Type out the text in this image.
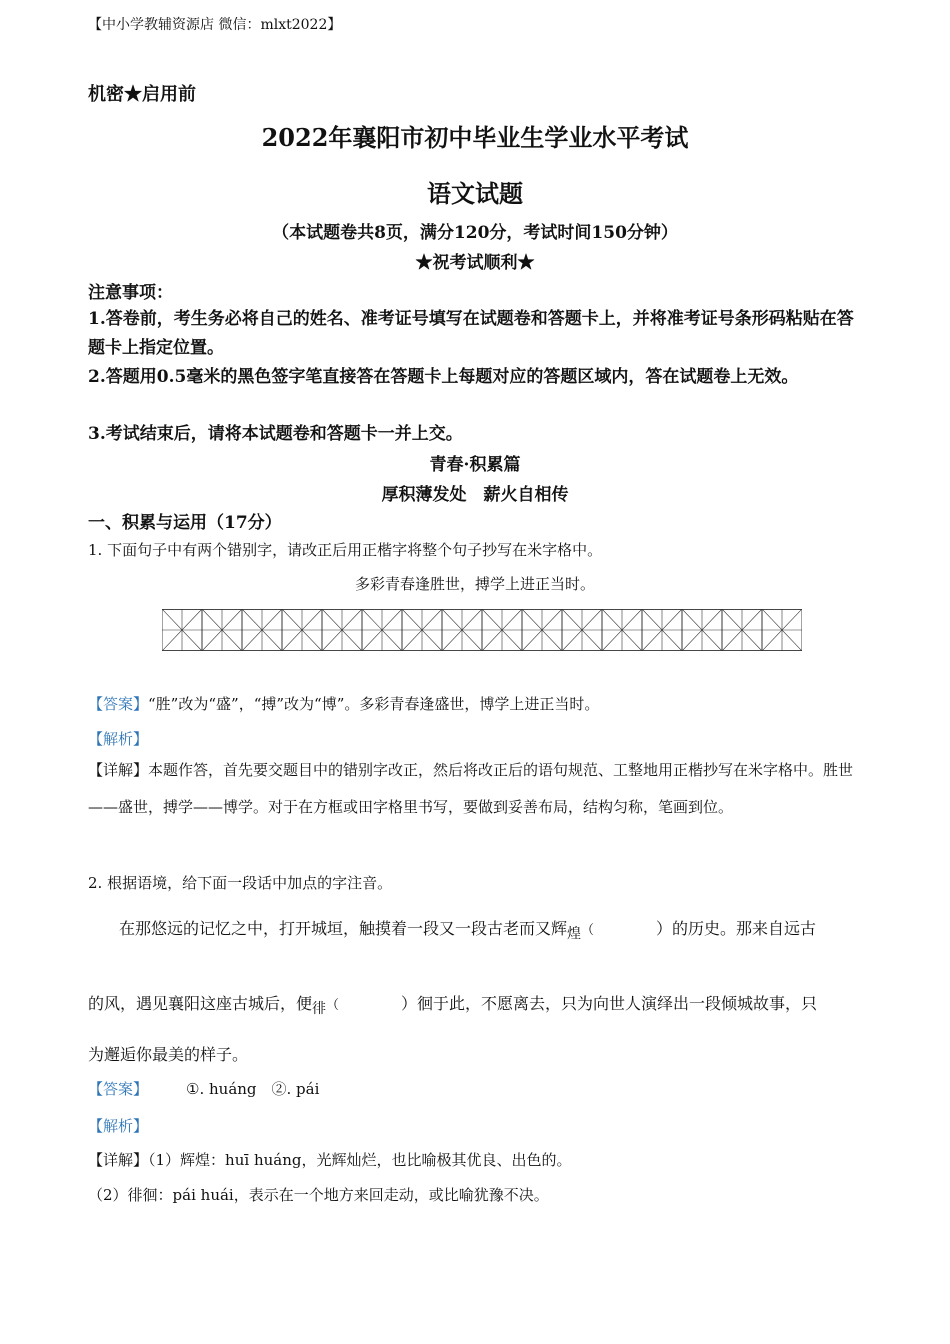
【中小学教辅资源店 微信：mlxt2022】
机密★启用前
2022年襄阳市初中毕业生学业水平考试
语文试题
（本试题卷共8页，满分120分，考试时间150分钟）
★祝考试顺利★
注意事项：
1.答卷前，考生务必将自己的姓名、准考证号填写在试题卷和答题卡上，并将准考证号条形码粘贴在答题卡上指定位置。
2.答题用0.5毫米的黑色签字笔直接答在答题卡上每题对应的答题区域内，答在试题卷上无效。
3.考试结束后，请将本试题卷和答题卡一并上交。
青春·积累篇
厚积薄发处　薪火自相传
一、积累与运用（17分）
1. 下面句子中有两个错别字，请改正后用正楷字将整个句子抄写在米字格中。
多彩青春逢胜世，搏学上进正当时。
【答案】“胜”改为“盛”，“搏”改为“博”。多彩青春逢盛世，博学上进正当时。
【解析】
【详解】本题作答，首先要交题目中的错别字改正，然后将改正后的语句规范、工整地用正楷抄写在米字格中。胜世——盛世，搏学——博学。对于在方框或田字格里书写，要做到妥善布局，结构匀称，笔画到位。
2. 根据语境，给下面一段话中加点的字注音。
在那悠远的记忆之中，打开城垣，触摸着一段又一段古老而又辉煌（	）的历史。那来自远古
的风，遇见襄阳这座古城后，便徘（	）徊于此，不愿离去，只为向世人演绎出一段倾城故事，只
为邂逅你最美的样子。
【答案】	①. huáng　②. pái
【解析】
【详解】（1）辉煌：huī huáng，光辉灿烂，也比喻极其优良、出色的。
（2）徘徊：pái huái，表示在一个地方来回走动，或比喻犹豫不决。
